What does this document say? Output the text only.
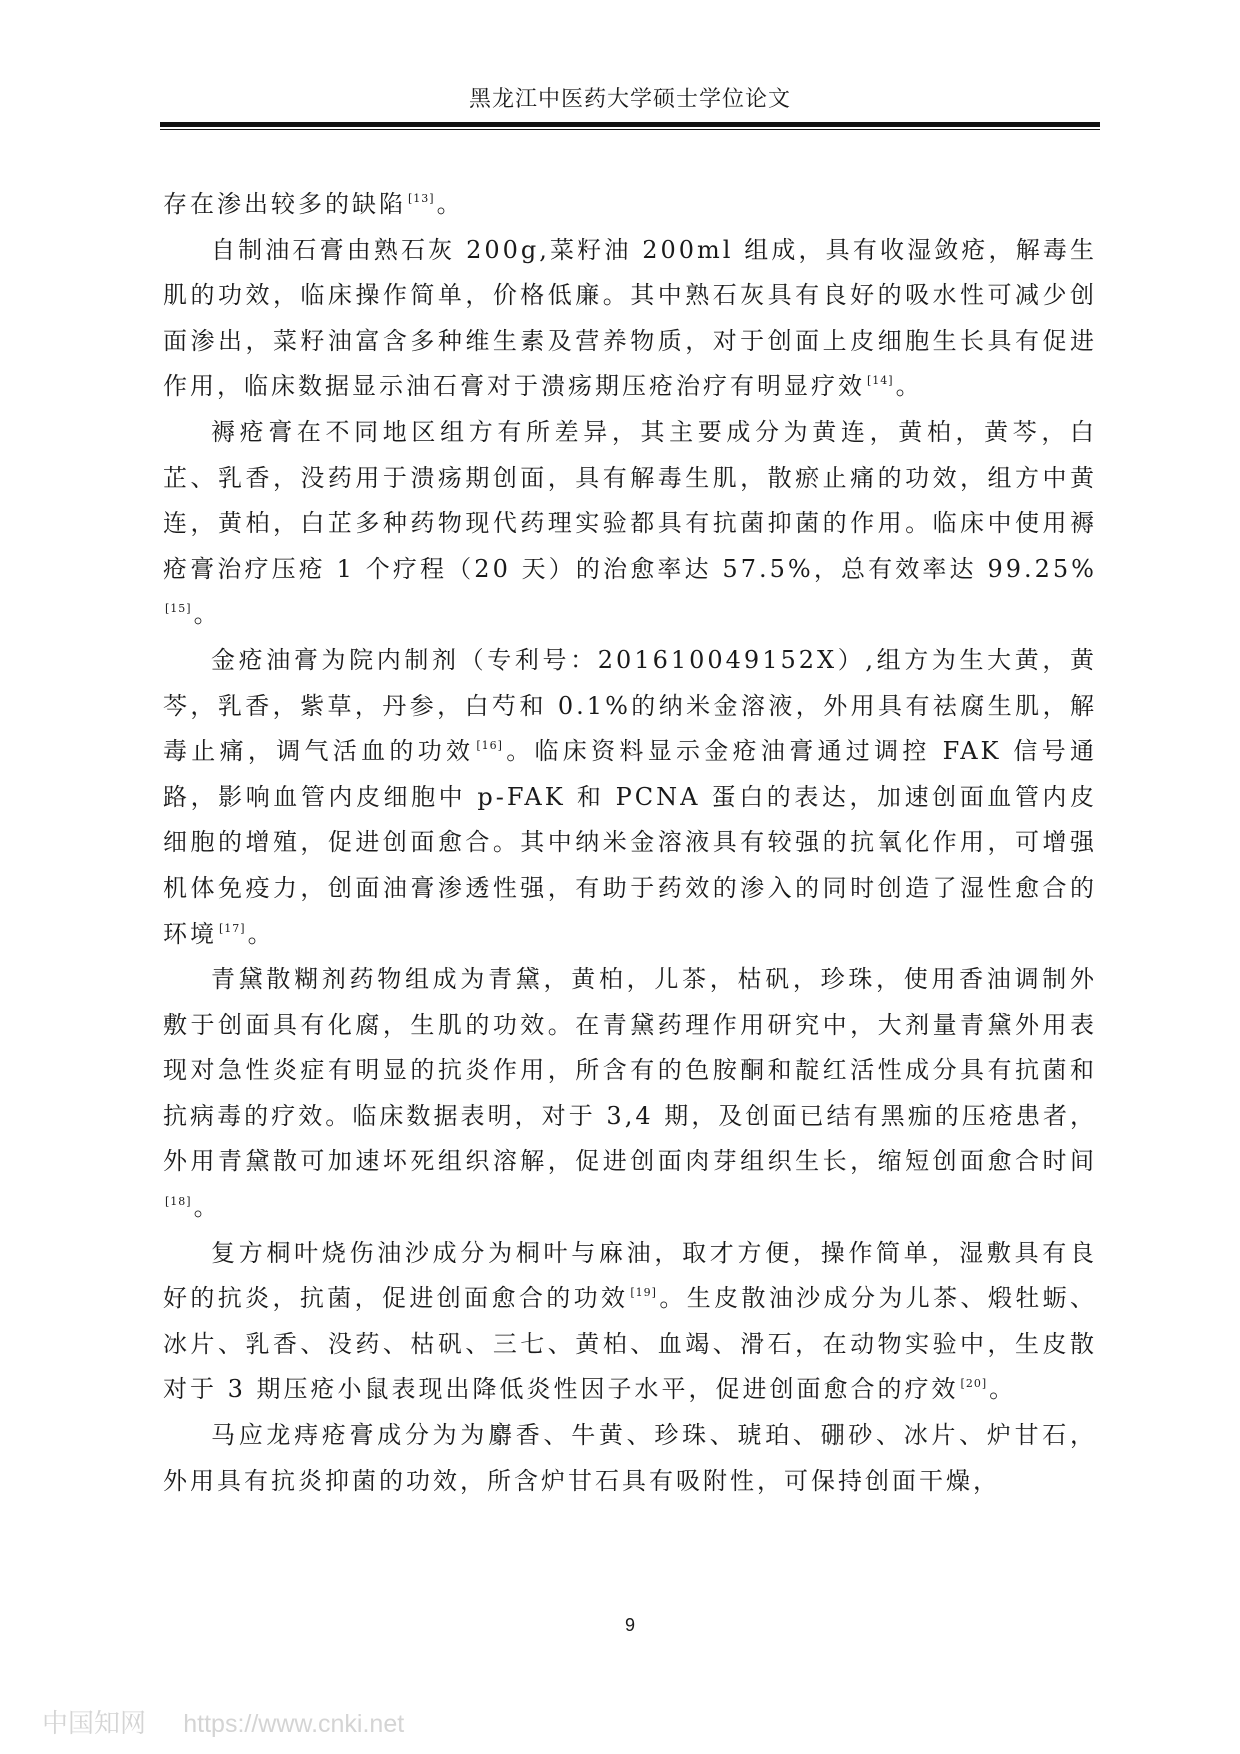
黑龙江中医药大学硕士学位论文

存在渗出较多的缺陷 [13]。

自制油石膏由熟石灰 200g,菜籽油 200ml 组成，具有收湿敛疮，解毒生肌的功效，临床操作简单，价格低廉。其中熟石灰具有良好的吸水性可减少创面渗出，菜籽油富含多种维生素及营养物质，对于创面上皮细胞生长具有促进作用，临床数据显示油石膏对于溃疡期压疮治疗有明显疗效 [14]。

褥疮膏在不同地区组方有所差异，其主要成分为黄连，黄柏，黄芩，白芷、乳香，没药用于溃疡期创面，具有解毒生肌，散瘀止痛的功效，组方中黄连，黄柏，白芷多种药物现代药理实验都具有抗菌抑菌的作用。临床中使用褥疮膏治疗压疮 1 个疗程（20 天）的治愈率达 57.5%，总有效率达 99.25%[15]。

金疮油膏为院内制剂（专利号：201610049152X）,组方为生大黄，黄芩，乳香，紫草，丹参，白芍和 0.1%的纳米金溶液，外用具有祛腐生肌，解毒止痛，调气活血的功效 [16]。临床资料显示金疮油膏通过调控 FAK 信号通路，影响血管内皮细胞中 p-FAK 和 PCNA 蛋白的表达，加速创面血管内皮细胞的增殖，促进创面愈合。其中纳米金溶液具有较强的抗氧化作用，可增强机体免疫力，创面油膏渗透性强，有助于药效的渗入的同时创造了湿性愈合的环境 [17]。

青黛散糊剂药物组成为青黛，黄柏，儿茶，枯矾，珍珠，使用香油调制外敷于创面具有化腐，生肌的功效。在青黛药理作用研究中，大剂量青黛外用表现对急性炎症有明显的抗炎作用，所含有的色胺酮和靛红活性成分具有抗菌和抗病毒的疗效。临床数据表明，对于 3,4 期，及创面已结有黑痂的压疮患者，外用青黛散可加速坏死组织溶解，促进创面肉芽组织生长，缩短创面愈合时间[18]。

复方桐叶烧伤油沙成分为桐叶与麻油，取才方便，操作简单，湿敷具有良好的抗炎，抗菌，促进创面愈合的功效 [19]。生皮散油沙成分为儿茶、煅牡蛎、冰片、乳香、没药、枯矾、三七、黄柏、血竭、滑石，在动物实验中，生皮散对于 3 期压疮小鼠表现出降低炎性因子水平，促进创面愈合的疗效 [20]。

马应龙痔疮膏成分为为麝香、牛黄、珍珠、琥珀、硼砂、冰片、炉甘石，外用具有抗炎抑菌的功效，所含炉甘石具有吸附性，可保持创面干燥，

9
中国知网 https://www.cnki.net
